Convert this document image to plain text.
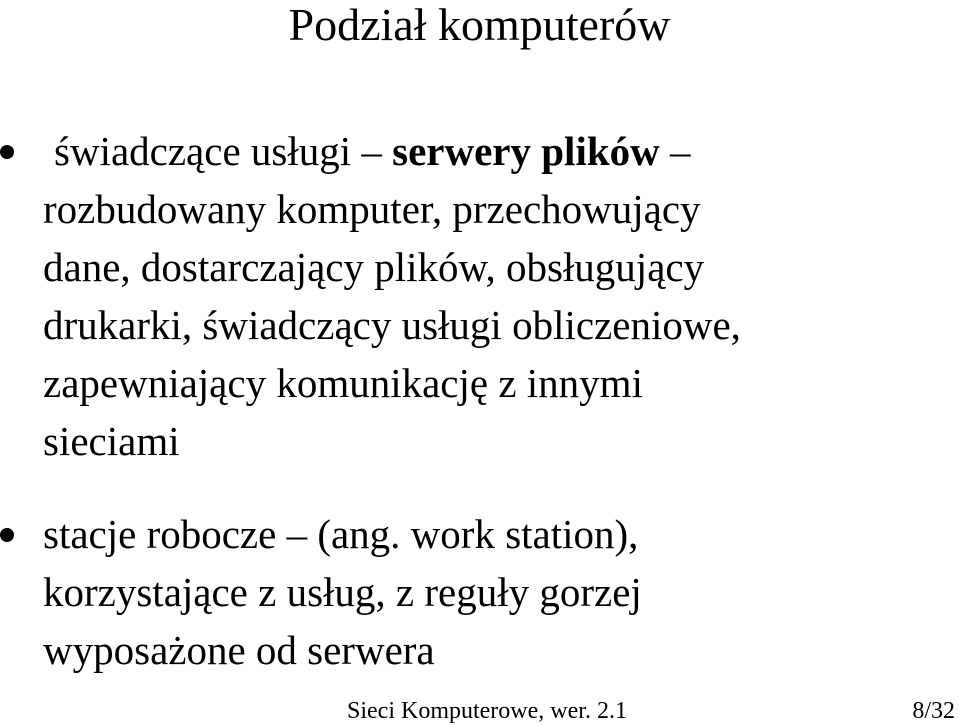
Podział komputerów
świadczące usługi – serwery plików –
rozbudowany komputer, przechowujący
dane, dostarczający plików, obsługujący
drukarki, świadczący usługi obliczeniowe,
zapewniający komunikację z innymi
sieciami
stacje robocze – (ang. work station),
korzystające z usług, z reguły gorzej
wyposażone od serwera
Sieci Komputerowe, wer. 2.1	8/32
